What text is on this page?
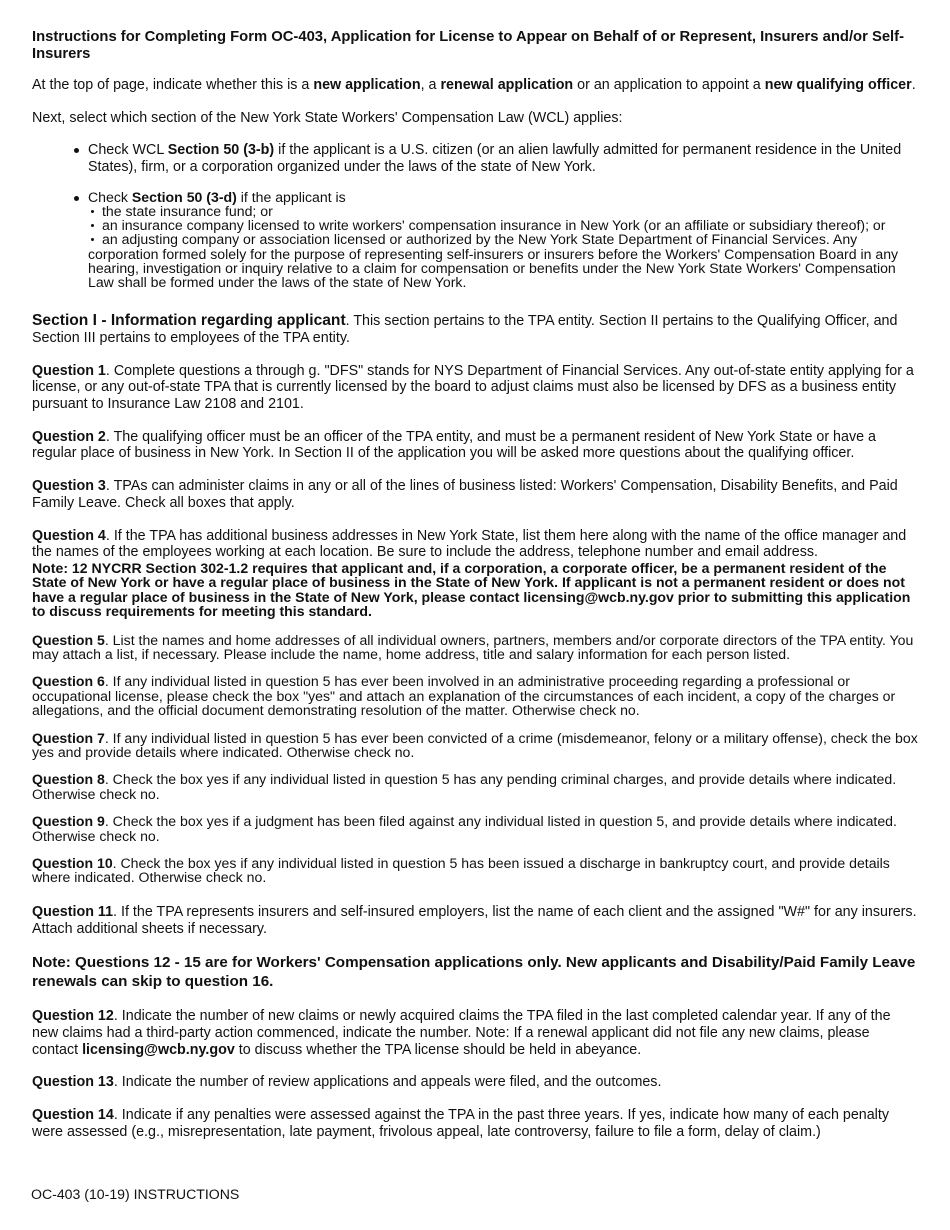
Instructions for Completing Form OC-403, Application for License to Appear on Behalf of or Represent, Insurers and/or Self-Insurers

At the top of page, indicate whether this is a new application, a renewal application or an application to appoint a new qualifying officer.

Next, select which section of the New York State Workers' Compensation Law (WCL) applies:

Check WCL Section 50 (3-b) if the applicant is a U.S. citizen (or an alien lawfully admitted for permanent residence in the United States), firm, or a corporation organized under the laws of the state of New York.
Check Section 50 (3-d) if the applicant is
the state insurance fund; or
an insurance company licensed to write workers' compensation insurance in New York (or an affiliate or subsidiary thereof); or
an adjusting company or association licensed or authorized by the New York State Department of Financial Services. Any
corporation formed solely for the purpose of representing self-insurers or insurers before the Workers' Compensation Board in any hearing, investigation or inquiry relative to a claim for compensation or benefits under the New York State Workers' Compensation Law shall be formed under the laws of the state of New York.

Section I - Information regarding applicant. This section pertains to the TPA entity. Section II pertains to the Qualifying Officer, and Section III pertains to employees of the TPA entity.

Question 1. Complete questions a through g. "DFS" stands for NYS Department of Financial Services. Any out-of-state entity applying for a license, or any out-of-state TPA that is currently licensed by the board to adjust claims must also be licensed by DFS as a business entity pursuant to Insurance Law 2108 and 2101.

Question 2. The qualifying officer must be an officer of the TPA entity, and must be a permanent resident of New York State or have a regular place of business in New York. In Section II of the application you will be asked more questions about the qualifying officer.

Question 3. TPAs can administer claims in any or all of the lines of business listed: Workers' Compensation, Disability Benefits, and Paid Family Leave. Check all boxes that apply.

Question 4. If the TPA has additional business addresses in New York State, list them here along with the name of the office manager and the names of the employees working at each location. Be sure to include the address, telephone number and email address.

Note: 12 NYCRR Section 302-1.2 requires that applicant and, if a corporation, a corporate officer, be a permanent resident of the State of New York or have a regular place of business in the State of New York. If applicant is not a permanent resident or does not have a regular place of business in the State of New York, please contact licensing@wcb.ny.gov prior to submitting this application to discuss requirements for meeting this standard.

Question 5. List the names and home addresses of all individual owners, partners, members and/or corporate directors of the TPA entity. You may attach a list, if necessary. Please include the name, home address, title and salary information for each person listed.

Question 6. If any individual listed in question 5 has ever been involved in an administrative proceeding regarding a professional or occupational license, please check the box "yes" and attach an explanation of the circumstances of each incident, a copy of the charges or allegations, and the official document demonstrating resolution of the matter. Otherwise check no.

Question 7. If any individual listed in question 5 has ever been convicted of a crime (misdemeanor, felony or a military offense), check the box yes and provide details where indicated. Otherwise check no.

Question 8. Check the box yes if any individual listed in question 5 has any pending criminal charges, and provide details where indicated. Otherwise check no.

Question 9. Check the box yes if a judgment has been filed against any individual listed in question 5, and provide details where indicated. Otherwise check no.

Question 10. Check the box yes if any individual listed in question 5 has been issued a discharge in bankruptcy court, and provide details where indicated. Otherwise check no.

Question 11. If the TPA represents insurers and self-insured employers, list the name of each client and the assigned "W#" for any insurers. Attach additional sheets if necessary.

Note: Questions 12 - 15 are for Workers' Compensation applications only. New applicants and Disability/Paid Family Leave renewals can skip to question 16.

Question 12. Indicate the number of new claims or newly acquired claims the TPA filed in the last completed calendar year. If any of the new claims had a third-party action commenced, indicate the number. Note: If a renewal applicant did not file any new claims, please contact licensing@wcb.ny.gov to discuss whether the TPA license should be held in abeyance.

Question 13. Indicate the number of review applications and appeals were filed, and the outcomes.

Question 14. Indicate if any penalties were assessed against the TPA in the past three years. If yes, indicate how many of each penalty were assessed (e.g., misrepresentation, late payment, frivolous appeal, late controversy, failure to file a form, delay of claim.)

OC-403 (10-19) INSTRUCTIONS
